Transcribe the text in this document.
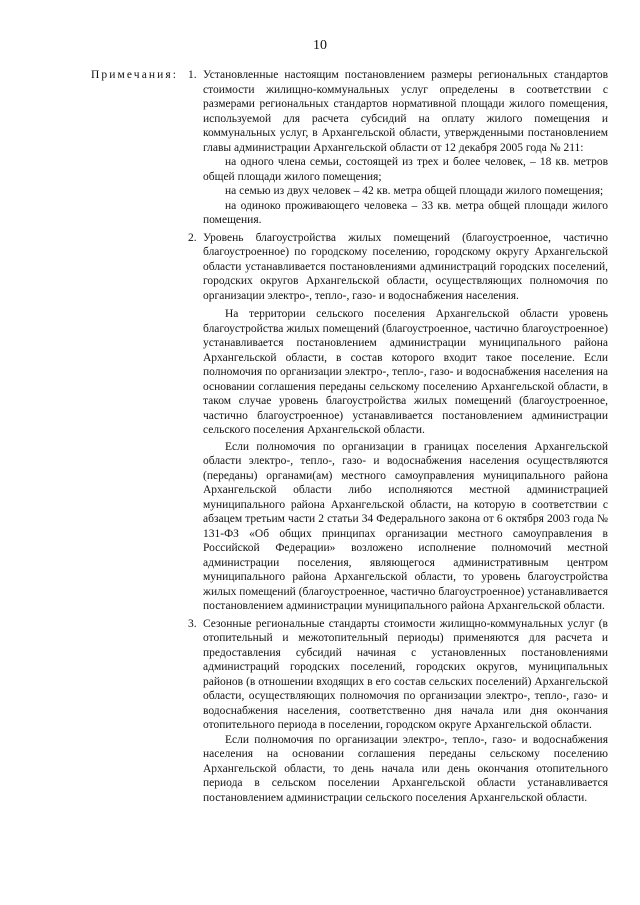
10
Примечания: 1. Установленные настоящим постановлением размеры региональных стандартов стоимости жилищно-коммунальных услуг определены в соответствии с размерами региональных стандартов нормативной площади жилого помещения, используемой для расчета субсидий на оплату жилого помещения и коммунальных услуг, в Архангельской области, утвержденными постановлением главы администрации Архангельской области от 12 декабря 2005 года № 211:

на одного члена семьи, состоящей из трех и более человек, – 18 кв. метров общей площади жилого помещения;

на семью из двух человек – 42 кв. метра общей площади жилого помещения;

на одиноко проживающего человека – 33 кв. метра общей площади жилого помещения.

2. Уровень благоустройства жилых помещений (благоустроенное, частично благоустроенное) по городскому поселению, городскому округу Архангельской области устанавливается постановлениями администраций городских поселений, городских округов Архангельской области, осуществляющих полномочия по организации электро-, тепло-, газо- и водоснабжения населения.

На территории сельского поселения Архангельской области уровень благоустройства жилых помещений (благоустроенное, частично благоустроенное) устанавливается постановлением администрации муниципального района Архангельской области, в состав которого входит такое поселение. Если полномочия по организации электро-, тепло-, газо- и водоснабжения населения на основании соглашения переданы сельскому поселению Архангельской области, в таком случае уровень благоустройства жилых помещений (благоустроенное, частично благоустроенное) устанавливается постановлением администрации сельского поселения Архангельской области.

Если полномочия по организации в границах поселения Архангельской области электро-, тепло-, газо- и водоснабжения населения осуществляются (переданы) органами(ам) местного самоуправления муниципального района Архангельской области либо исполняются местной администрацией муниципального района Архангельской области, на которую в соответствии с абзацем третьим части 2 статьи 34 Федерального закона от 6 октября 2003 года № 131-ФЗ «Об общих принципах организации местного самоуправления в Российской Федерации» возложено исполнение полномочий местной администрации поселения, являющегося административным центром муниципального района Архангельской области, то уровень благоустройства жилых помещений (благоустроенное, частично благоустроенное) устанавливается постановлением администрации муниципального района Архангельской области.

3. Сезонные региональные стандарты стоимости жилищно-коммунальных услуг (в отопительный и межотопительный периоды) применяются для расчета и предоставления субсидий начиная с установленных постановлениями администраций городских поселений, городских округов, муниципальных районов (в отношении входящих в его состав сельских поселений) Архангельской области, осуществляющих полномочия по организации электро-, тепло-, газо- и водоснабжения населения, соответственно дня начала или дня окончания отопительного периода в поселении, городском округе Архангельской области.

Если полномочия по организации электро-, тепло-, газо- и водоснабжения населения на основании соглашения переданы сельскому поселению Архангельской области, то день начала или день окончания отопительного периода в сельском поселении Архангельской области устанавливается постановлением администрации сельского поселения Архангельской области.
